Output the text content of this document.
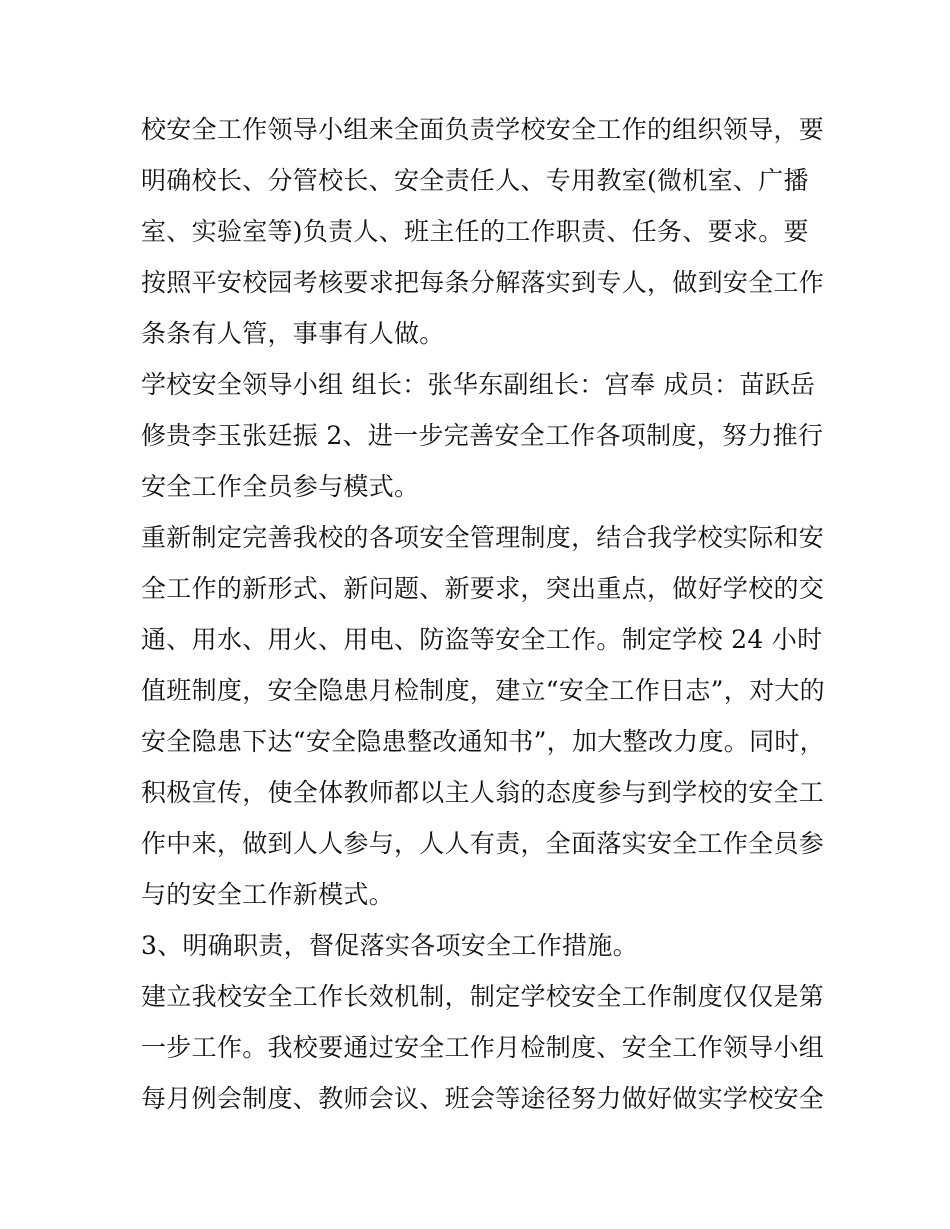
校安全工作领导小组来全面负责学校安全工作的组织领导，要
明确校长、分管校长、安全责任人、专用教室(微机室、广播
室、实验室等)负责人、班主任的工作职责、任务、要求。要
按照平安校园考核要求把每条分解落实到专人，做到安全工作
条条有人管，事事有人做。

学校安全领导小组 组长：张华东副组长：宫奉 成员：苗跃岳
修贵李玉张廷振 2、进一步完善安全工作各项制度，努力推行
安全工作全员参与模式。

重新制定完善我校的各项安全管理制度，结合我学校实际和安
全工作的新形式、新问题、新要求，突出重点，做好学校的交
通、用水、用火、用电、防盗等安全工作。制定学校 24 小时
值班制度，安全隐患月检制度，建立“安全工作日志”，对大的
安全隐患下达“安全隐患整改通知书”，加大整改力度。同时，
积极宣传，使全体教师都以主人翁的态度参与到学校的安全工
作中来，做到人人参与，人人有责，全面落实安全工作全员参
与的安全工作新模式。

3、明确职责，督促落实各项安全工作措施。

建立我校安全工作长效机制，制定学校安全工作制度仅仅是第
一步工作。我校要通过安全工作月检制度、安全工作领导小组
每月例会制度、教师会议、班会等途径努力做好做实学校安全
